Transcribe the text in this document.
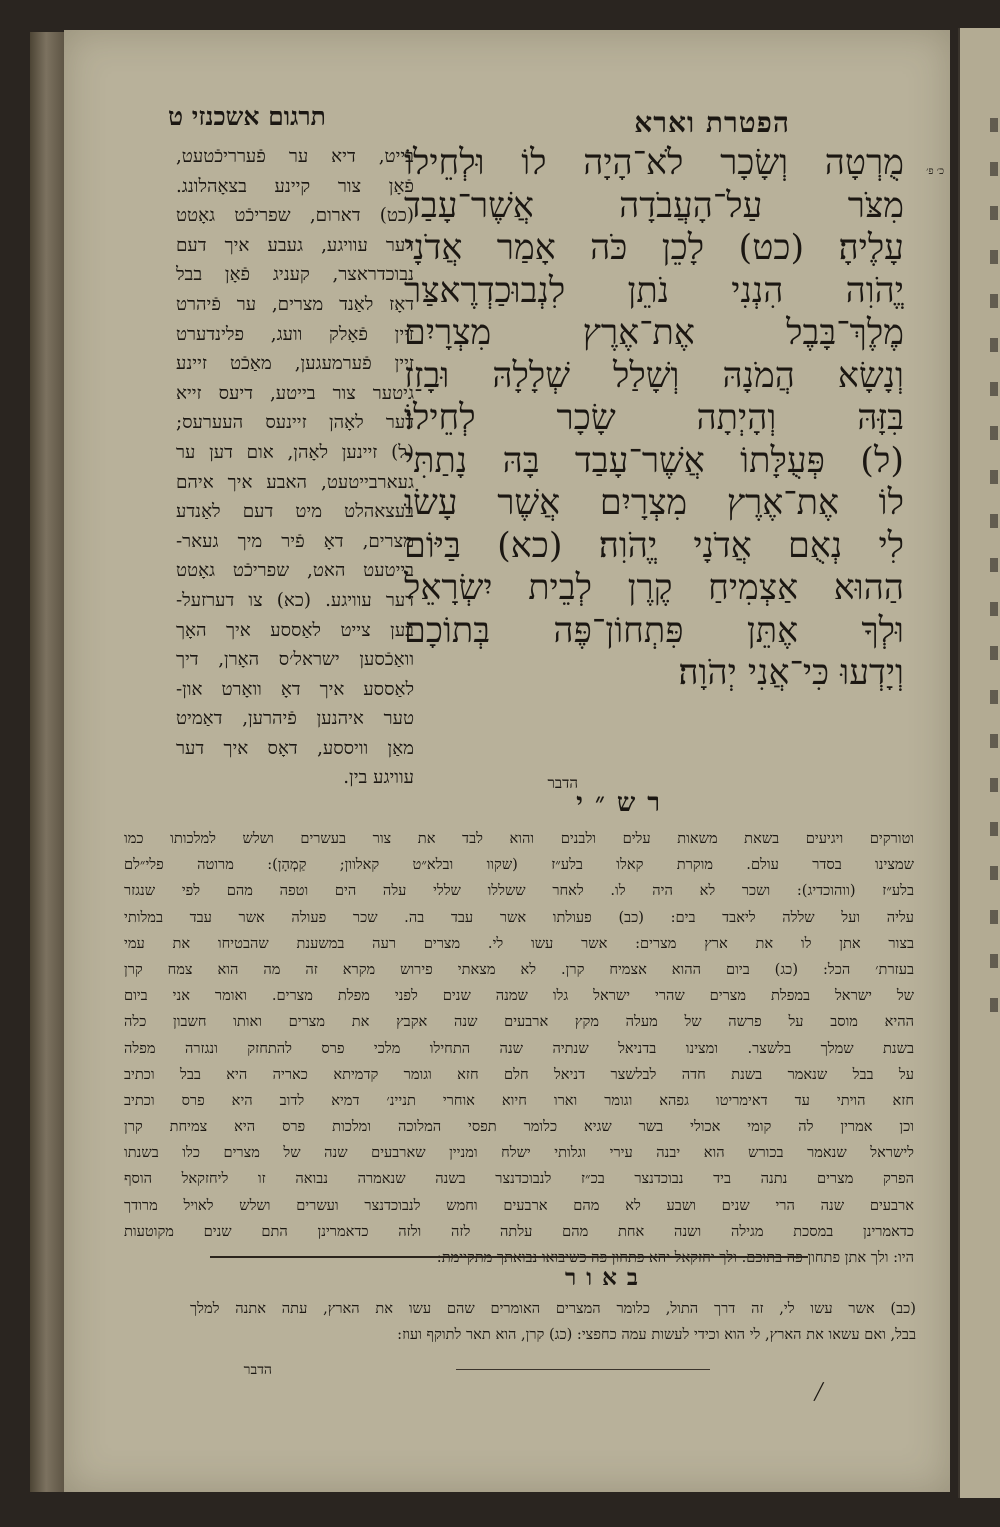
הפטרת וארא
תרגום אשכנזי ט
כ׳ פ׳
מֻרְטָה וְשָׂכָר לֹא־הָיָה לוֹ וּלְחֵילוֹ
מִצֹּר עַל־הָעֲבֹדָה אֲשֶׁר־עָבַד
עָלֶיהָ׃ (כט) לָכֵן כֹּה אָמַר אֲדֹנָי
יֱהֹוִה הִנְנִי נֹתֵן לִנְבוּכַדְרֶאצַּר
מֶלֶךְ־בָּבֶל אֶת־אֶרֶץ מִצְרָיִם
וְנָשָׂא הֲמֹנָהּ וְשָׁלַל שְׁלָלָהּ וּבָזַז
בִּזָּהּ וְהָיְתָה שָׂכָר לְחֵילוֹ׃
(ל) פְּעֻלָּתוֹ אֲשֶׁר־עָבַד בָּהּ נָתַתִּי
לוֹ אֶת־אֶרֶץ מִצְרָיִם אֲשֶׁר עָשׂוּ
לִי נְאֻם אֲדֹנָי יֱהֹוִה׃ (כא) בַּיּוֹם
הַהוּא אַצְמִיחַ קֶרֶן לְבֵית יִשְׂרָאֵל
וּלְךָ אֶתֵּן פִּתְחוֹן־פֶּה בְּתוֹכָם
וְיָדְעוּ כִּי־אֲנִי יְהֹוָה׃
הדבר
בייט, דיא ער פֿערריכֿטעט,
פֿאָן צור קיינע בצאָהלונג.
(כט) דארום, שפריכֿט גאָטט
דער עוויגע, געבע איך דעם
נבוכדראצר, קעניג פֿאָן בבל
דאָז לאַנד מצרים, ער פֿיהרט
זיין פֿאָלק וועג, פלינדערט
זיין פֿערמעגען, מאַכֿט זיינע
גיטער צור בייטע, דיעס זייא
דער לאָהן זיינעס העערעס;
(ל) זיינען לאָהן, אום דען ער
געארבייטעט, האבע איך איהם
בעצאהלט מיט דעם לאַנדע
מצרים, דאָ פֿיר מיך געאר-
בייטעט האט, שפריכֿט גאָטט
דער עוויגע. (כא) צו דערזעל-
בען צייט לאַססע איך האָך
וואַכֿסען ישראל׳ס האָרן, דיך
לאַססע איך דאָ וואָרט און-
טער איהנען פֿיהרען, דאַמיט
מאַן וויססע, דאָס איך דער
עוויגע בין.
רש״י
וטורקים ויגיעים בשאת משאות עלים ולבנים והוא לבד את צור בעשרים ושלש למלכותו כמו
שמצינו בסדר עולם. מוקרת קאלו בלע״ז (שקוו ובלא״ט קאלוון; קַמְהָן): מרוטה פלי״לם
בלע״ז (ווהוכדיג): ושכר לא היה לו. לאחר ששללו שללי עלה הים וטפה מהם לפי שנגזר
עליה ועל שללה ליאבד בים: (כב) פעולתו אשר עבד בה. שכר פעולה אשר עבד במלותי
בצור אתן לו את ארץ מצרים: אשר עשו לי. מצרים רעה במשענת שהבטיחו את עמי
בעזרת׳ הכל: (כג) ביום ההוא אצמיח קרן. לא מצאתי פירוש מקרא זה מה הוא צמח קרן
של ישראל במפלת מצרים שהרי ישראל גלו שמנה שנים לפני מפלת מצרים. ואומר אני ביום
ההיא מוסב על פרשה של מעלה מקץ ארבעים שנה אקבץ את מצרים ואותו חשבון כלה
בשנת שמלך בלשצר. ומצינו בדניאל שנתיה שנה התחילו מלכי פרס להתחזק ונגזרה מפלה
על בבל שנאמר בשנת חדה לבלשצר דניאל חלם חזא וגומר קדמיתא כאריה היא בבל וכתיב
חזא הויתי עד דאימריטו גפהא וגומר וארו חיוא אוחרי תניינ׳ דמיא לדוב היא פרס וכתיב
וכן אמרין לה קומי אכולי בשר שגיא כלומר תפסי המלוכה ומלכות פרס היא צמיחת קרן
לישראל שנאמר בכורש הוא יבנה עירי וגלותי ישלח ומניין שארבעים שנה של מצרים כלו בשנתו
הפרק מצרים נתנה ביד נבוכדנצר בכ״ז לנבוכדנצר בשנה שנאמרה נבואה זו ליחזקאל הוסף
ארבעים שנה הרי שנים ושבע לא מהם ארבעים וחמש לנבוכדנצר ועשרים ושלש לאויל מרודך
כדאמרינן במסכת מגילה ושנה אחת מהם עלתה לזה ולזה כדאמרינן התם שנים מקוטעות
היו: ולך אתן פתחון פה בתוכם. ולך יחזקאל יהא פתחון פה כשיבואו נבואתך מתקיימת:
באור
(כב) אשר עשו לי, זה דרך התול, כלומר המצרים האומרים שהם עשו את הארץ, עתה אתנה למלך
בבל, ואם עשאו את הארץ, לי הוא וכידי לעשות עמה כחפצי: (כג) קרן, הוא תאר לתוקף ועוז:
הדבר
╱
